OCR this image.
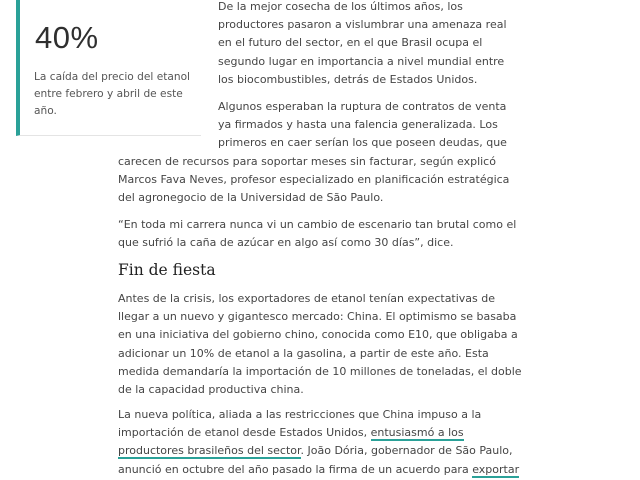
40%
La caída del precio del etanol
entre febrero y abril de este
año.

De la mejor cosecha de los últimos años, los
productores pasaron a vislumbrar una amenaza real
en el futuro del sector, en el que Brasil ocupa el
segundo lugar en importancia a nivel mundial entre
los biocombustibles, detrás de Estados Unidos.

Algunos esperaban la ruptura de contratos de venta
ya firmados y hasta una falencia generalizada. Los

primeros en caer serían los que poseen deudas, que
carecen de recursos para soportar meses sin facturar, según explicó
Marcos Fava Neves, profesor especializado en planificación estratégica
del agronegocio de la Universidad de São Paulo.

“En toda mi carrera nunca vi un cambio de escenario tan brutal como el
que sufrió la caña de azúcar en algo así como 30 días”, dice.

Fin de fiesta

Antes de la crisis, los exportadores de etanol tenían expectativas de
llegar a un nuevo y gigantesco mercado: China. El optimismo se basaba
en una iniciativa del gobierno chino, conocida como E10, que obligaba a
adicionar un 10% de etanol a la gasolina, a partir de este año. Esta
medida demandaría la importación de 10 millones de toneladas, el doble
de la capacidad productiva china.

La nueva política, aliada a las restricciones que China impuso a la
importación de etanol desde Estados Unidos, entusiasmó a los
productores brasileños del sector. João Dória, gobernador de São Paulo,
anunció en octubre del año pasado la firma de un acuerdo para exportar
